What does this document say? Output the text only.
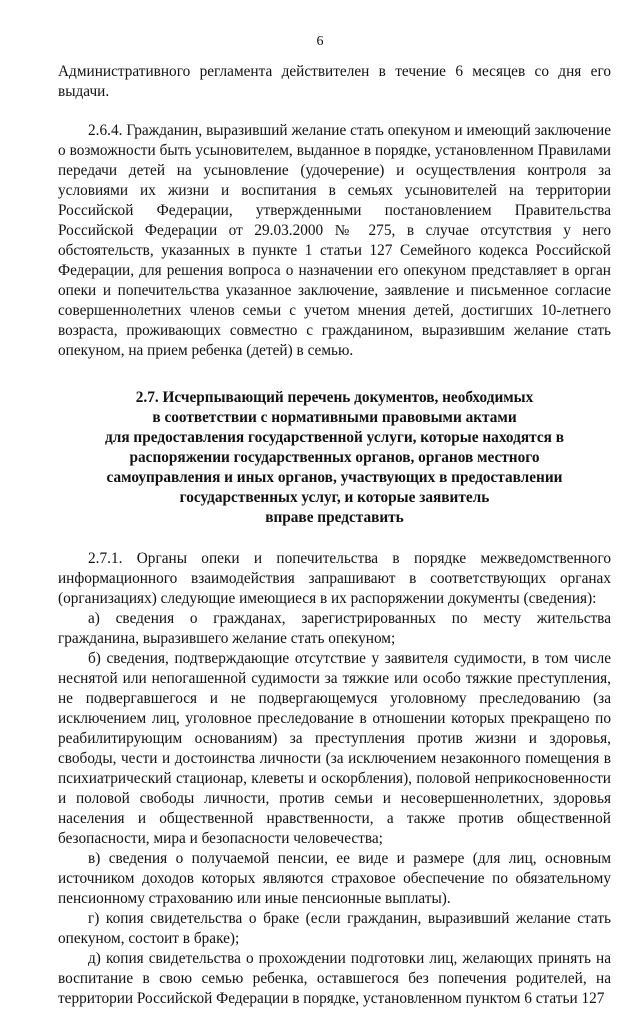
6

Административного регламента действителен в течение 6 месяцев со дня его выдачи.

2.6.4. Гражданин, выразивший желание стать опекуном и имеющий заключение о возможности быть усыновителем, выданное в порядке, установленном Правилами передачи детей на усыновление (удочерение) и осуществления контроля за условиями их жизни и воспитания в семьях усыновителей на территории Российской Федерации, утвержденными постановлением Правительства Российской Федерации от 29.03.2000 № 275, в случае отсутствия у него обстоятельств, указанных в пункте 1 статьи 127 Семейного кодекса Российской Федерации, для решения вопроса о назначении его опекуном представляет в орган опеки и попечительства указанное заключение, заявление и письменное согласие совершеннолетних членов семьи с учетом мнения детей, достигших 10-летнего возраста, проживающих совместно с гражданином, выразившим желание стать опекуном, на прием ребенка (детей) в семью.

2.7. Исчерпывающий перечень документов, необходимых
в соответствии с нормативными правовыми актами
для предоставления государственной услуги, которые находятся в
распоряжении государственных органов, органов местного
самоуправления и иных органов, участвующих в предоставлении
государственных услуг, и которые заявитель
вправе представить

2.7.1. Органы опеки и попечительства в порядке межведомственного информационного взаимодействия запрашивают в соответствующих органах (организациях) следующие имеющиеся в их распоряжении документы (сведения):

а) сведения о гражданах, зарегистрированных по месту жительства гражданина, выразившего желание стать опекуном;

б) сведения, подтверждающие отсутствие у заявителя судимости, в том числе неснятой или непогашенной судимости за тяжкие или особо тяжкие преступления, не подвергавшегося и не подвергающемуся уголовному преследованию (за исключением лиц, уголовное преследование в отношении которых прекращено по реабилитирующим основаниям) за преступления против жизни и здоровья, свободы, чести и достоинства личности (за исключением незаконного помещения в психиатрический стационар, клеветы и оскорбления), половой неприкосновенности и половой свободы личности, против семьи и несовершеннолетних, здоровья населения и общественной нравственности, а также против общественной безопасности, мира и безопасности человечества;

в) сведения о получаемой пенсии, ее виде и размере (для лиц, основным источником доходов которых являются страховое обеспечение по обязательному пенсионному страхованию или иные пенсионные выплаты).

г) копия свидетельства о браке (если гражданин, выразивший желание стать опекуном, состоит в браке);

д) копия свидетельства о прохождении подготовки лиц, желающих принять на воспитание в свою семью ребенка, оставшегося без попечения родителей, на территории Российской Федерации в порядке, установленном пунктом 6 статьи 127
